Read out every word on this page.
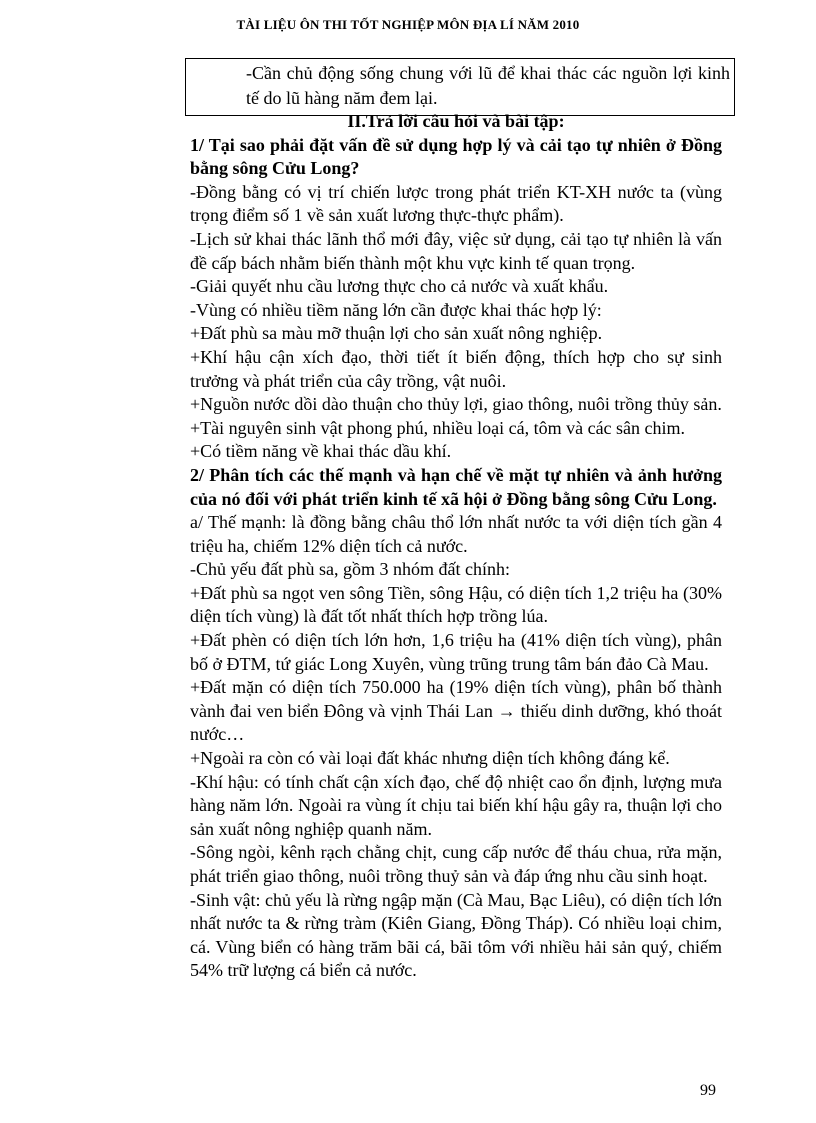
TÀI LIỆU ÔN THI TỐT NGHIỆP MÔN ĐỊA LÍ NĂM 2010
-Cần chủ động sống chung với lũ để khai thác các nguồn lợi kinh tế do lũ hàng năm đem lại.

II.Trả lời câu hỏi và bài tập:

1/ Tại sao phải đặt vấn đề sử dụng hợp lý và cải tạo tự nhiên ở Đồng bằng sông Cửu Long?

-Đồng bằng có vị trí chiến lược trong phát triển KT-XH nước ta (vùng trọng điểm số 1 về sản xuất lương thực-thực phẩm).

-Lịch sử khai thác lãnh thổ mới đây, việc sử dụng, cải tạo tự nhiên là vấn đề cấp bách nhằm biến thành một khu vực kinh tế quan trọng.

-Giải quyết nhu cầu lương thực cho cả nước và xuất khẩu.

-Vùng có nhiều tiềm năng lớn cần được khai thác hợp lý:

+Đất phù sa màu mỡ thuận lợi cho sản xuất nông nghiệp.

+Khí hậu cận xích đạo, thời tiết ít biến động, thích hợp cho sự sinh trưởng và phát triển của cây trồng, vật nuôi.

+Nguồn nước dồi dào thuận cho thủy lợi, giao thông, nuôi trồng thủy sản.

+Tài nguyên sinh vật phong phú, nhiều loại cá, tôm và các sân chim.

+Có tiềm năng về khai thác dầu khí.

2/ Phân tích các thế mạnh và hạn chế về mặt tự nhiên và ảnh hưởng của nó đối với phát triển kinh tế xã hội ở Đồng bằng sông Cửu Long.

a/ Thế mạnh: là đồng bằng châu thổ lớn nhất nước ta với diện tích gần 4 triệu ha, chiếm 12% diện tích cả nước.

-Chủ yếu đất phù sa, gồm 3 nhóm đất chính:

+Đất phù sa ngọt ven sông Tiền, sông Hậu, có diện tích 1,2 triệu ha (30% diện tích vùng) là đất tốt nhất thích hợp trồng lúa.

+Đất phèn có diện tích lớn hơn, 1,6 triệu ha (41% diện tích vùng), phân bố ở ĐTM, tứ giác Long Xuyên, vùng trũng trung tâm bán đảo Cà Mau.

+Đất mặn có diện tích 750.000 ha (19% diện tích vùng), phân bố thành vành đai ven biển Đông và vịnh Thái Lan → thiếu dinh dưỡng, khó thoát nước…

+Ngoài ra còn có vài loại đất khác nhưng diện tích không đáng kể.

-Khí hậu: có tính chất cận xích đạo, chế độ nhiệt cao ổn định, lượng mưa hàng năm lớn. Ngoài ra vùng ít chịu tai biến khí hậu gây ra, thuận lợi cho sản xuất nông nghiệp quanh năm.

-Sông ngòi, kênh rạch chằng chịt, cung cấp nước để tháu chua, rửa mặn, phát triển giao thông, nuôi trồng thuỷ sản và đáp ứng nhu cầu sinh hoạt.

-Sinh vật: chủ yếu là rừng ngập mặn (Cà Mau, Bạc Liêu), có diện tích lớn nhất nước ta & rừng tràm (Kiên Giang, Đồng Tháp). Có nhiều loại chim, cá. Vùng biển có hàng trăm bãi cá, bãi tôm với nhiều hải sản quý, chiếm 54% trữ lượng cá biển cả nước.

99
